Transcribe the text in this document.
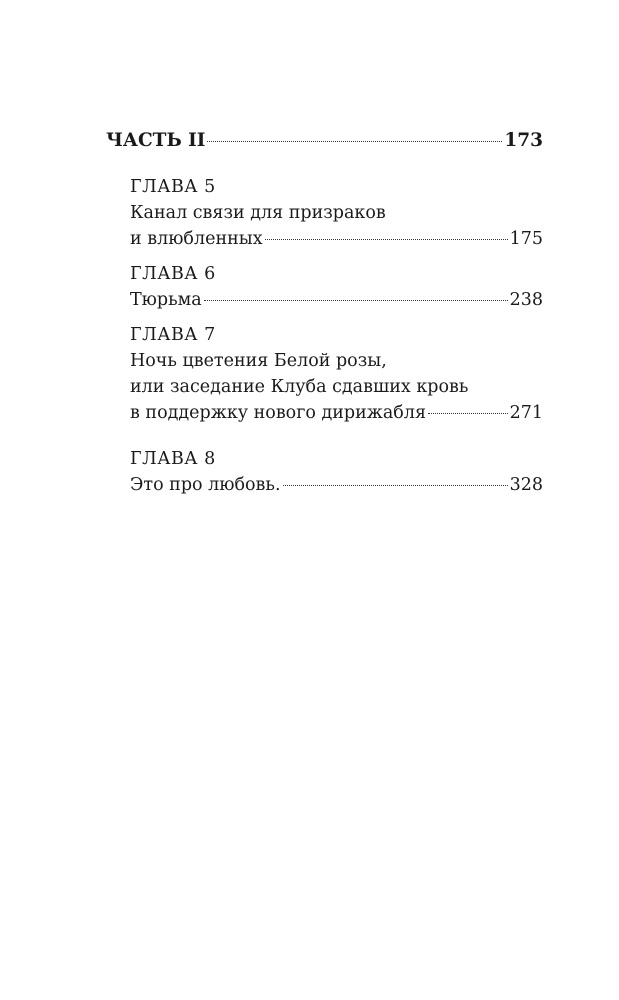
ЧАСТЬ II	173
ГЛАВА 5
Канал связи для призраков
и влюбленных	175
ГЛАВА 6
Тюрьма	238
ГЛАВА 7
Ночь цветения Белой розы,
или заседание Клуба сдавших кровь
в поддержку нового дирижабля	271
ГЛАВА 8
Это про любовь.	328
